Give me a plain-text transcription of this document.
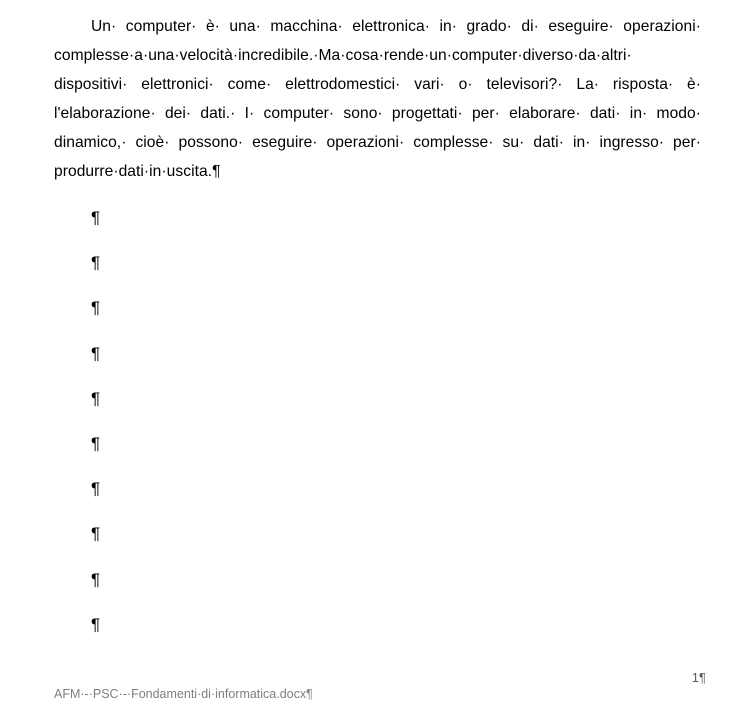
Un· computer· è· una· macchina· elettronica· in· grado· di· eseguire· operazioni· complesse·a·una·velocità·incredibile.·Ma·cosa·rende·un·computer·diverso·da·altri· dispositivi· elettronici· come· elettrodomestici· vari· o· televisori?· La· risposta· è· l'elaborazione· dei· dati.· I· computer· sono· progettati· per· elaborare· dati· in· modo· dinamico,· cioè· possono· eseguire· operazioni· complesse· su· dati· in· ingresso· per· produrre·dati·in·uscita.¶

¶
¶
¶
¶
¶
¶
¶
¶
¶
¶
1¶
AFM·-·PSC·-·Fondamenti·di·informatica.docx¶
